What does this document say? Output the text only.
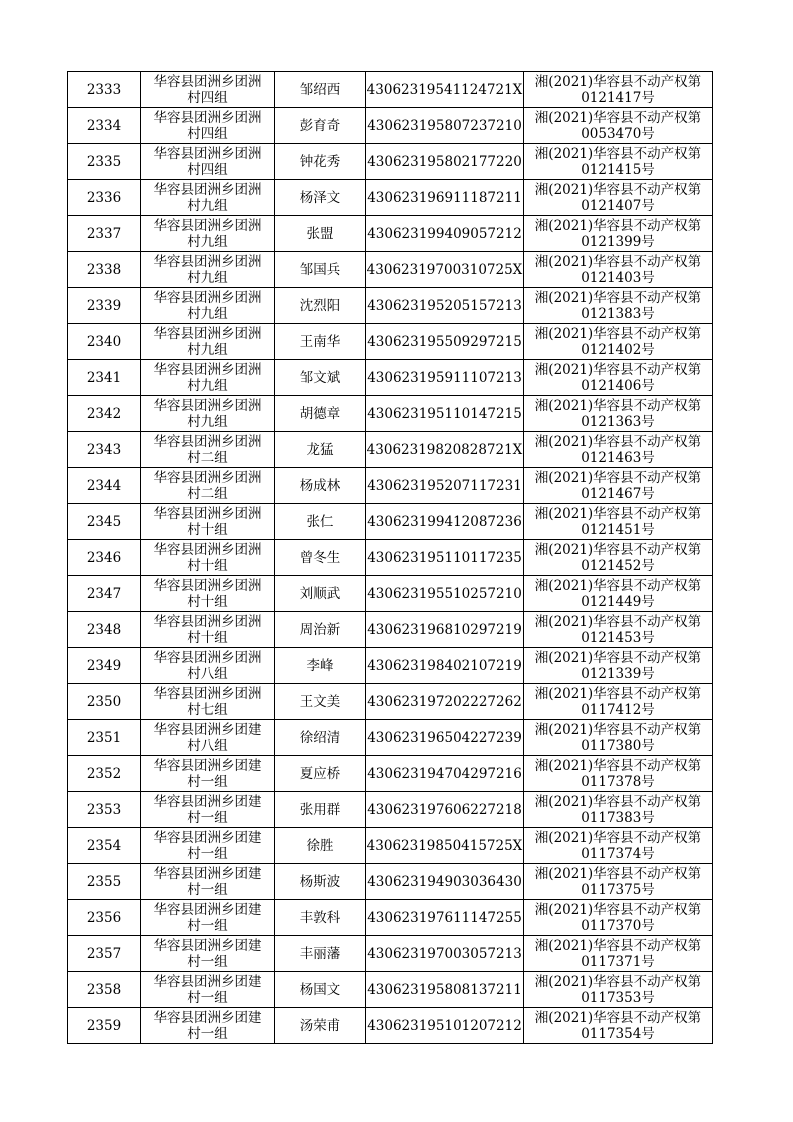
2333	华容县团洲乡团洲
村四组	邹绍西	43062319541124721X	湘(2021)华容县不动产权第
0121417号

2334	华容县团洲乡团洲
村四组	彭育奇	430623195807237210	湘(2021)华容县不动产权第
0053470号

2335	华容县团洲乡团洲
村四组	钟花秀	430623195802177220	湘(2021)华容县不动产权第
0121415号

2336	华容县团洲乡团洲
村九组	杨泽文	430623196911187211	湘(2021)华容县不动产权第
0121407号

2337	华容县团洲乡团洲
村九组	张盟	430623199409057212	湘(2021)华容县不动产权第
0121399号

2338	华容县团洲乡团洲
村九组	邹国兵	43062319700310725X	湘(2021)华容县不动产权第
0121403号

2339	华容县团洲乡团洲
村九组	沈烈阳	430623195205157213	湘(2021)华容县不动产权第
0121383号

2340	华容县团洲乡团洲
村九组	王南华	430623195509297215	湘(2021)华容县不动产权第
0121402号

2341	华容县团洲乡团洲
村九组	邹文斌	430623195911107213	湘(2021)华容县不动产权第
0121406号

2342	华容县团洲乡团洲
村九组	胡德章	430623195110147215	湘(2021)华容县不动产权第
0121363号

2343	华容县团洲乡团洲
村二组	龙猛	43062319820828721X	湘(2021)华容县不动产权第
0121463号

2344	华容县团洲乡团洲
村二组	杨成林	430623195207117231	湘(2021)华容县不动产权第
0121467号

2345	华容县团洲乡团洲
村十组	张仁	430623199412087236	湘(2021)华容县不动产权第
0121451号

2346	华容县团洲乡团洲
村十组	曾冬生	430623195110117235	湘(2021)华容县不动产权第
0121452号

2347	华容县团洲乡团洲
村十组	刘顺武	430623195510257210	湘(2021)华容县不动产权第
0121449号

2348	华容县团洲乡团洲
村十组	周治新	430623196810297219	湘(2021)华容县不动产权第
0121453号

2349	华容县团洲乡团洲
村八组	李峰	430623198402107219	湘(2021)华容县不动产权第
0121339号

2350	华容县团洲乡团洲
村七组	王文美	430623197202227262	湘(2021)华容县不动产权第
0117412号

2351	华容县团洲乡团建
村八组	徐绍清	430623196504227239	湘(2021)华容县不动产权第
0117380号

2352	华容县团洲乡团建
村一组	夏应桥	430623194704297216	湘(2021)华容县不动产权第
0117378号

2353	华容县团洲乡团建
村一组	张用群	430623197606227218	湘(2021)华容县不动产权第
0117383号

2354	华容县团洲乡团建
村一组	徐胜	43062319850415725X	湘(2021)华容县不动产权第
0117374号

2355	华容县团洲乡团建
村一组	杨斯波	430623194903036430	湘(2021)华容县不动产权第
0117375号

2356	华容县团洲乡团建
村一组	丰敦科	430623197611147255	湘(2021)华容县不动产权第
0117370号

2357	华容县团洲乡团建
村一组	丰丽藩	430623197003057213	湘(2021)华容县不动产权第
0117371号

2358	华容县团洲乡团建
村一组	杨国文	430623195808137211	湘(2021)华容县不动产权第
0117353号

2359	华容县团洲乡团建
村一组	汤荣甫	430623195101207212	湘(2021)华容县不动产权第
0117354号
